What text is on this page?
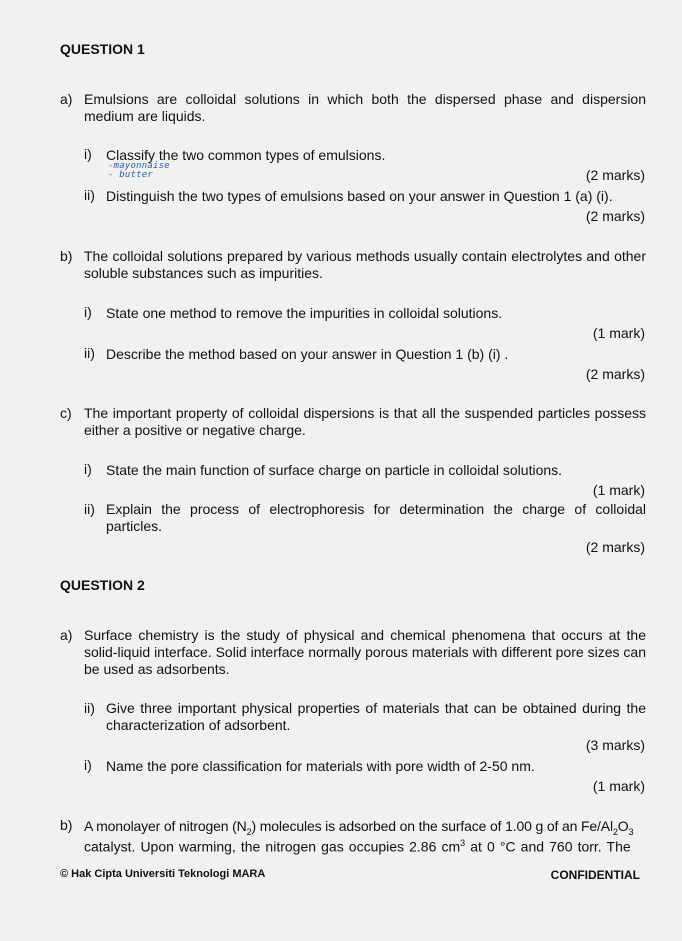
QUESTION 1
a) Emulsions are colloidal solutions in which both the dispersed phase and dispersion medium are liquids.
i) Classify the two common types of emulsions.
-mayonnaise
- butter	(2 marks)
ii) Distinguish the two types of emulsions based on your answer in Question 1 (a) (i).
(2 marks)
b) The colloidal solutions prepared by various methods usually contain electrolytes and other soluble substances such as impurities.
i) State one method to remove the impurities in colloidal solutions.
(1 mark)
ii) Describe the method based on your answer in Question 1 (b) (i) .
(2 marks)
c) The important property of colloidal dispersions is that all the suspended particles possess either a positive or negative charge.
i) State the main function of surface charge on particle in colloidal solutions.
(1 mark)
ii) Explain the process of electrophoresis for determination the charge of colloidal particles.
(2 marks)
QUESTION 2
a) Surface chemistry is the study of physical and chemical phenomena that occurs at the solid-liquid interface. Solid interface normally porous materials with different pore sizes can be used as adsorbents.
ii) Give three important physical properties of materials that can be obtained during the characterization of adsorbent.
(3 marks)
i) Name the pore classification for materials with pore width of 2-50 nm.
(1 mark)
b) A monolayer of nitrogen $(N_2)$ molecules is adsorbed on the surface of 1.00 g of an $Fe/Al_2O_3$
catalyst. Upon warming, the nitrogen gas occupies 2.86 $cm^3$ at 0 °C and 760 torr. The
© Hak Cipta Universiti Teknologi MARA	CONFIDENTIAL
